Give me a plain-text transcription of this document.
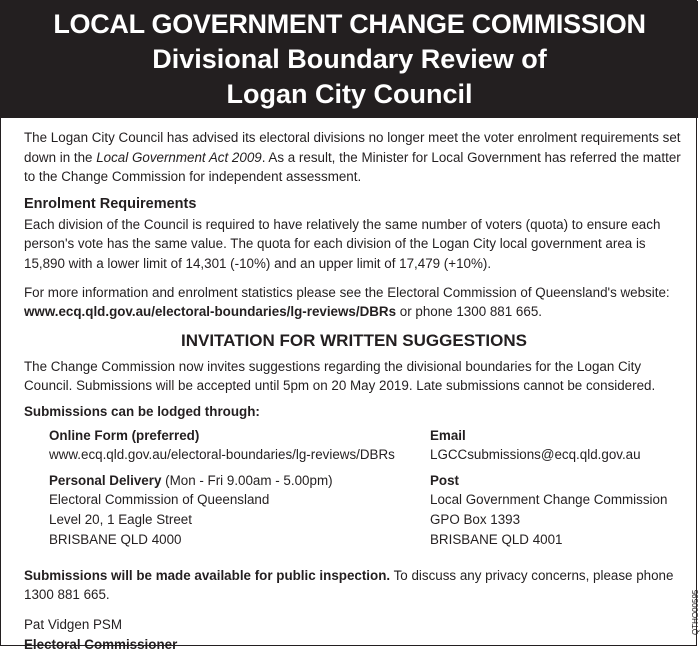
LOCAL GOVERNMENT CHANGE COMMISSION
Divisional Boundary Review of
Logan City Council

The Logan City Council has advised its electoral divisions no longer meet the voter enrolment requirements set down in the Local Government Act 2009. As a result, the Minister for Local Government has referred the matter to the Change Commission for independent assessment.

Enrolment Requirements

Each division of the Council is required to have relatively the same number of voters (quota) to ensure each person's vote has the same value. The quota for each division of the Logan City local government area is 15,890 with a lower limit of 14,301 (-10%) and an upper limit of 17,479 (+10%).

For more information and enrolment statistics please see the Electoral Commission of Queensland's website: www.ecq.qld.gov.au/electoral-boundaries/lg-reviews/DBRs or phone 1300 881 665.

INVITATION FOR WRITTEN SUGGESTIONS

The Change Commission now invites suggestions regarding the divisional boundaries for the Logan City Council. Submissions will be accepted until 5pm on 20 May 2019. Late submissions cannot be considered.

Submissions can be lodged through:
Online Form (preferred)
www.ecq.qld.gov.au/electoral-boundaries/lg-reviews/DBRs
Personal Delivery (Mon - Fri 9.00am - 5.00pm)
Electoral Commission of Queensland
Level 20, 1 Eagle Street
BRISBANE QLD 4000
Email
LGCCsubmissions@ecq.qld.gov.au
Post
Local Government Change Commission
GPO Box 1393
BRISBANE QLD 4001

Submissions will be made available for public inspection. To discuss any privacy concerns, please phone 1300 881 665.

Pat Vidgen PSM
Electoral Commissioner
QTHO00595
